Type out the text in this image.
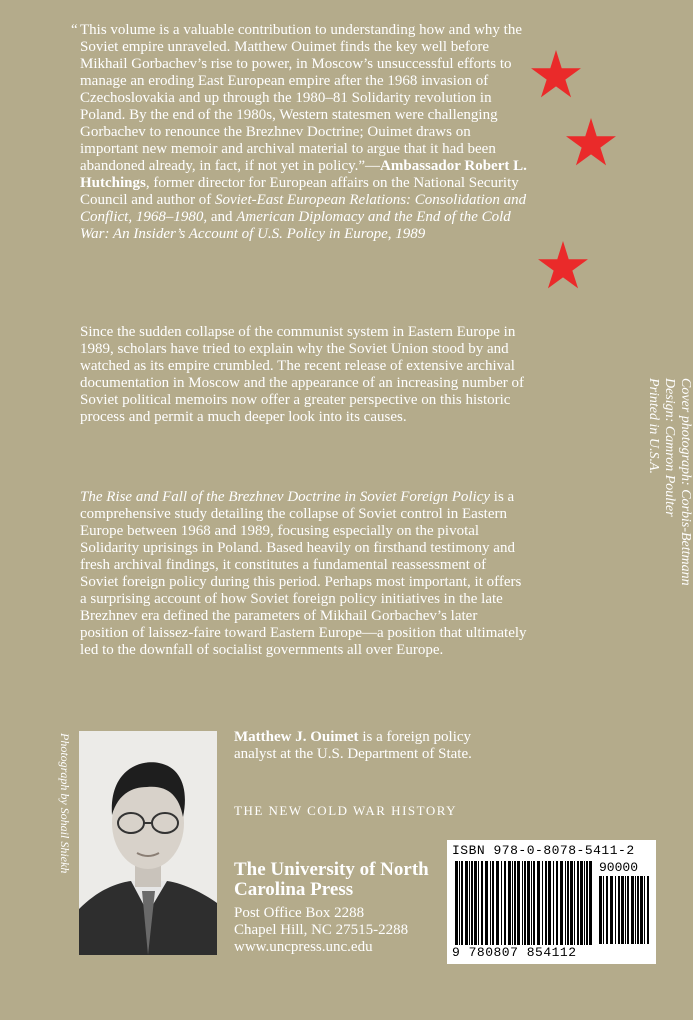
“ This volume is a valuable contribution to understanding how and why the Soviet empire unraveled. Matthew Ouimet finds the key well before Mikhail Gorbachev’s rise to power, in Moscow’s unsuccessful efforts to manage an eroding East European empire after the 1968 invasion of Czechoslovakia and up through the 1980–81 Solidarity revolution in Poland. By the end of the 1980s, Western statesmen were challenging Gorbachev to renounce the Brezhnev Doctrine; Ouimet draws on important new memoir and archival material to argue that it had been abandoned already, in fact, if not yet in policy.”—Ambassador Robert L. Hutchings, former director for European affairs on the National Security Council and author of Soviet-East European Relations: Consolidation and Conflict, 1968–1980, and American Diplomacy and the End of the Cold War: An Insider’s Account of U.S. Policy in Europe, 1989

Since the sudden collapse of the communist system in Eastern Europe in 1989, scholars have tried to explain why the Soviet Union stood by and watched as its empire crumbled. The recent release of extensive archival documentation in Moscow and the appearance of an increasing number of Soviet political memoirs now offer a greater perspective on this historic process and permit a much deeper look into its causes.

The Rise and Fall of the Brezhnev Doctrine in Soviet Foreign Policy is a comprehensive study detailing the collapse of Soviet control in Eastern Europe between 1968 and 1989, focusing especially on the pivotal Solidarity uprisings in Poland. Based heavily on firsthand testimony and fresh archival findings, it constitutes a fundamental reassessment of Soviet foreign policy during this period. Perhaps most important, it offers a surprising account of how Soviet foreign policy initiatives in the late Brezhnev era defined the parameters of Mikhail Gorbachev’s later position of laissez-faire toward Eastern Europe—a position that ultimately led to the downfall of socialist governments all over Europe.
Cover photograph: Corbis-Bettmann
Design: Camron Poulter
Printed in U.S.A.
Photograph by Sohail Shiekh	Matthew J. Ouimet is a foreign policy analyst at the U.S. Department of State.
THE NEW COLD WAR HISTORY
The University of North Carolina Press
Post Office Box 2288
Chapel Hill, NC 27515-2288
www.uncpress.unc.edu
ISBN 978-0-8078-5411-2
9 780807 854112
90000
